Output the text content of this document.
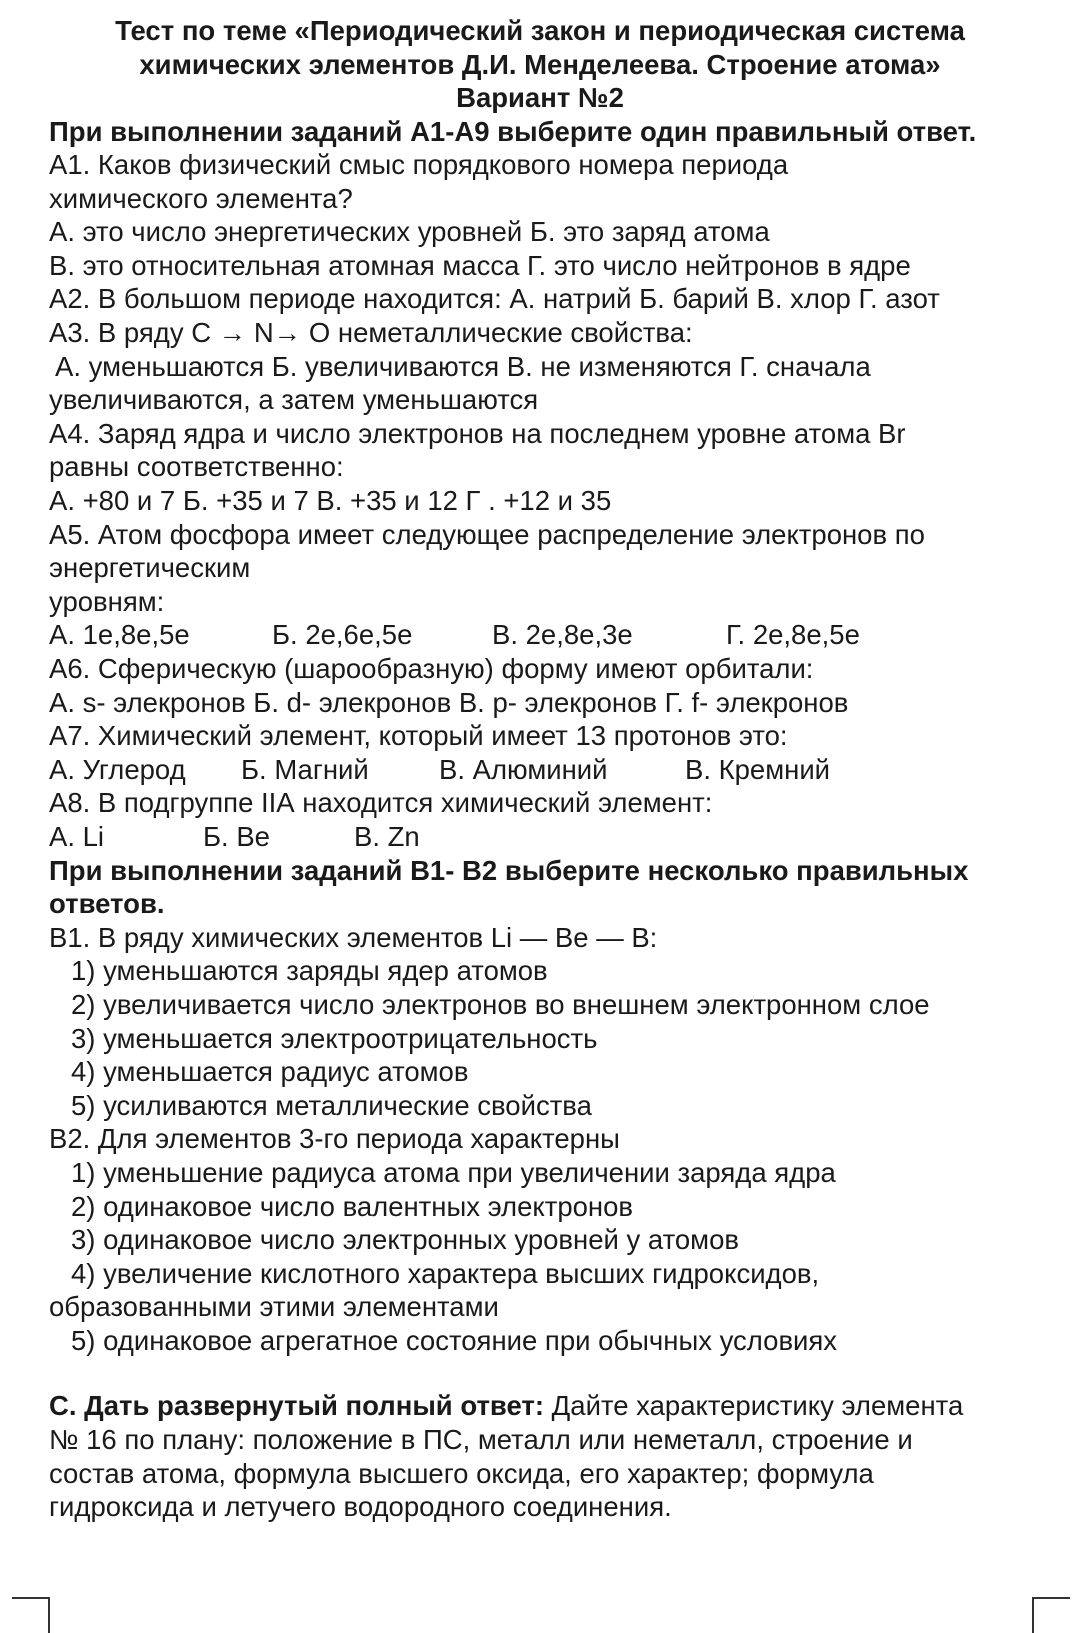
Тест по теме «Периодический закон и периодическая система
химических элементов Д.И. Менделеева. Строение атома»
Вариант №2
При выполнении заданий А1-А9 выберите один правильный ответ.
А1. Каков физический смыс порядкового номера периода
химического элемента?
А. это число энергетических уровней Б. это заряд атома
В. это относительная атомная масса Г. это число нейтронов в ядре
А2. В большом периоде находится: А. натрий Б. барий В. хлор Г. азот
А3. В ряду С → N→ О неметаллические свойства:
А. уменьшаются Б. увеличиваются В. не изменяются Г. сначала
увеличиваются, а затем уменьшаются
А4. Заряд ядра и число электронов на последнем уровне атома Br
равны соответственно:
А. +80 и 7 Б. +35 и 7 В. +35 и 12 Г . +12 и 35
А5. Атом фосфора имеет следующее распределение электронов по
энергетическим
уровням:
А. 1е,8е,5е	Б. 2е,6е,5е	В. 2е,8е,3е	Г. 2е,8е,5е
А6. Сферическую (шарообразную) форму имеют орбитали:
А. s- элекронов Б. d- элекронов В. р- элекронов Г. f- элекронов
А7. Химический элемент, который имеет 13 протонов это:
А. Углерод Б. Магний	В. Алюминий	В. Кремний
А8. В подгруппе IIА находится химический элемент:
А. Li	Б. Be	В. Zn
При выполнении заданий В1- В2 выберите несколько правильных
ответов.
В1. В ряду химических элементов Li — Be — B:
1) уменьшаются заряды ядер атомов
2) увеличивается число электронов во внешнем электронном слое
3) уменьшается электроотрицательность
4) уменьшается радиус атомов
5) усиливаются металлические свойства
В2. Для элементов 3-го периода характерны
1) уменьшение радиуса атома при увеличении заряда ядра
2) одинаковое число валентных электронов
3) одинаковое число электронных уровней у атомов
4) увеличение кислотного характера высших гидроксидов,
образованными этими элементами
5) одинаковое агрегатное состояние при обычных условиях
С. Дать развернутый полный ответ: Дайте характеристику элемента
№ 16 по плану: положение в ПС, металл или неметалл, строение и
состав атома, формула высшего оксида, его характер; формула
гидроксида и летучего водородного соединения.
